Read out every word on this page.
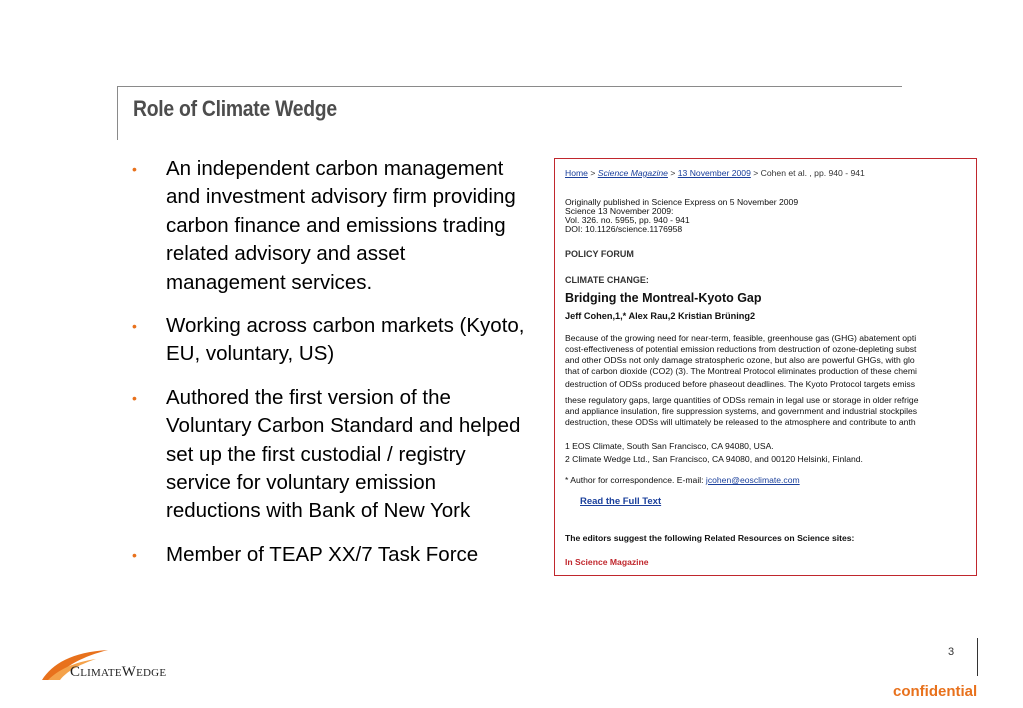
Role of Climate Wedge
• An independent carbon management and investment advisory firm providing carbon finance and emissions trading related advisory and asset management services.
• Working across carbon markets (Kyoto, EU, voluntary, US)
• Authored the first version of the Voluntary Carbon Standard and helped set up the first custodial / registry service for voluntary emission reductions with Bank of New York
• Member of TEAP XX/7 Task Force
Home > Science Magazine > 13 November 2009 > Cohen et al. , pp. 940 - 941
Originally published in Science Express on 5 November 2009
Science 13 November 2009:
Vol. 326. no. 5955, pp. 940 - 941
DOI: 10.1126/science.1176958
POLICY FORUM
CLIMATE CHANGE:
Bridging the Montreal-Kyoto Gap
Jeff Cohen,1,* Alex Rau,2 Kristian Brüning2
Because of the growing need for near-term, feasible, greenhouse gas (GHG) abatement opti
cost-effectiveness of potential emission reductions from destruction of ozone-depleting subst
and other ODSs not only damage stratospheric ozone, but also are powerful GHGs, with glo
that of carbon dioxide (CO2) (3). The Montreal Protocol eliminates production of these chemi
destruction of ODSs produced before phaseout deadlines. The Kyoto Protocol targets emiss
these regulatory gaps, large quantities of ODSs remain in legal use or storage in older refrige
and appliance insulation, fire suppression systems, and government and industrial stockpiles
destruction, these ODSs will ultimately be released to the atmosphere and contribute to anth
1 EOS Climate, South San Francisco, CA 94080, USA.
2 Climate Wedge Ltd., San Francisco, CA 94080, and 00120 Helsinki, Finland.
* Author for correspondence. E-mail: jcohen@eosclimate.com
Read the Full Text
The editors suggest the following Related Resources on Science sites:
In Science Magazine
3
confidential
CLIMATEWEDGE
